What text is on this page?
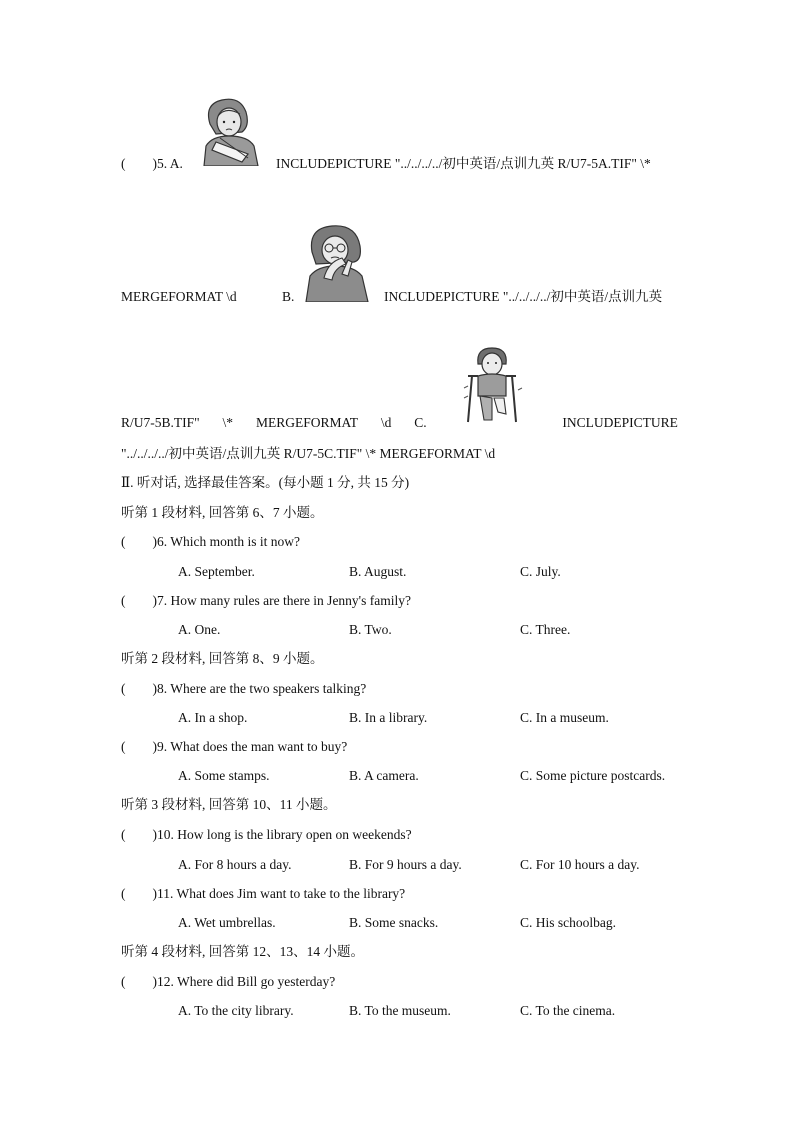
(　　)5. A.	INCLUDEPICTURE "../../../../初中英语/点训九英 R/U7-5A.TIF" \*
MERGEFORMAT \d	B.	INCLUDEPICTURE "../../../../初中英语/点训九英
R/U7-5B.TIF" \* MERGEFORMAT \d C.	INCLUDEPICTURE
"../../../../初中英语/点训九英 R/U7-5C.TIF" \* MERGEFORMAT \d
Ⅱ. 听对话, 选择最佳答案。(每小题 1 分, 共 15 分)
听第 1 段材料, 回答第 6、7 小题。
(　　)6. Which month is it now?
A. September.	B. August.	C. July.
(　　)7. How many rules are there in Jenny's family?
A. One.	B. Two.	C. Three.
听第 2 段材料, 回答第 8、9 小题。
(　　)8. Where are the two speakers talking?
A. In a shop.	B. In a library.	C. In a museum.
(　　)9. What does the man want to buy?
A. Some stamps.	B. A camera.	C. Some picture postcards.
听第 3 段材料, 回答第 10、11 小题。
(　　)10. How long is the library open on weekends?
A. For 8 hours a day.	B. For 9 hours a day.	C. For 10 hours a day.
(　　)11. What does Jim want to take to the library?
A. Wet umbrellas.	B. Some snacks.	C. His schoolbag.
听第 4 段材料, 回答第 12、13、14 小题。
(　　)12. Where did Bill go yesterday?
A. To the city library.	B. To the museum.	C. To the cinema.
